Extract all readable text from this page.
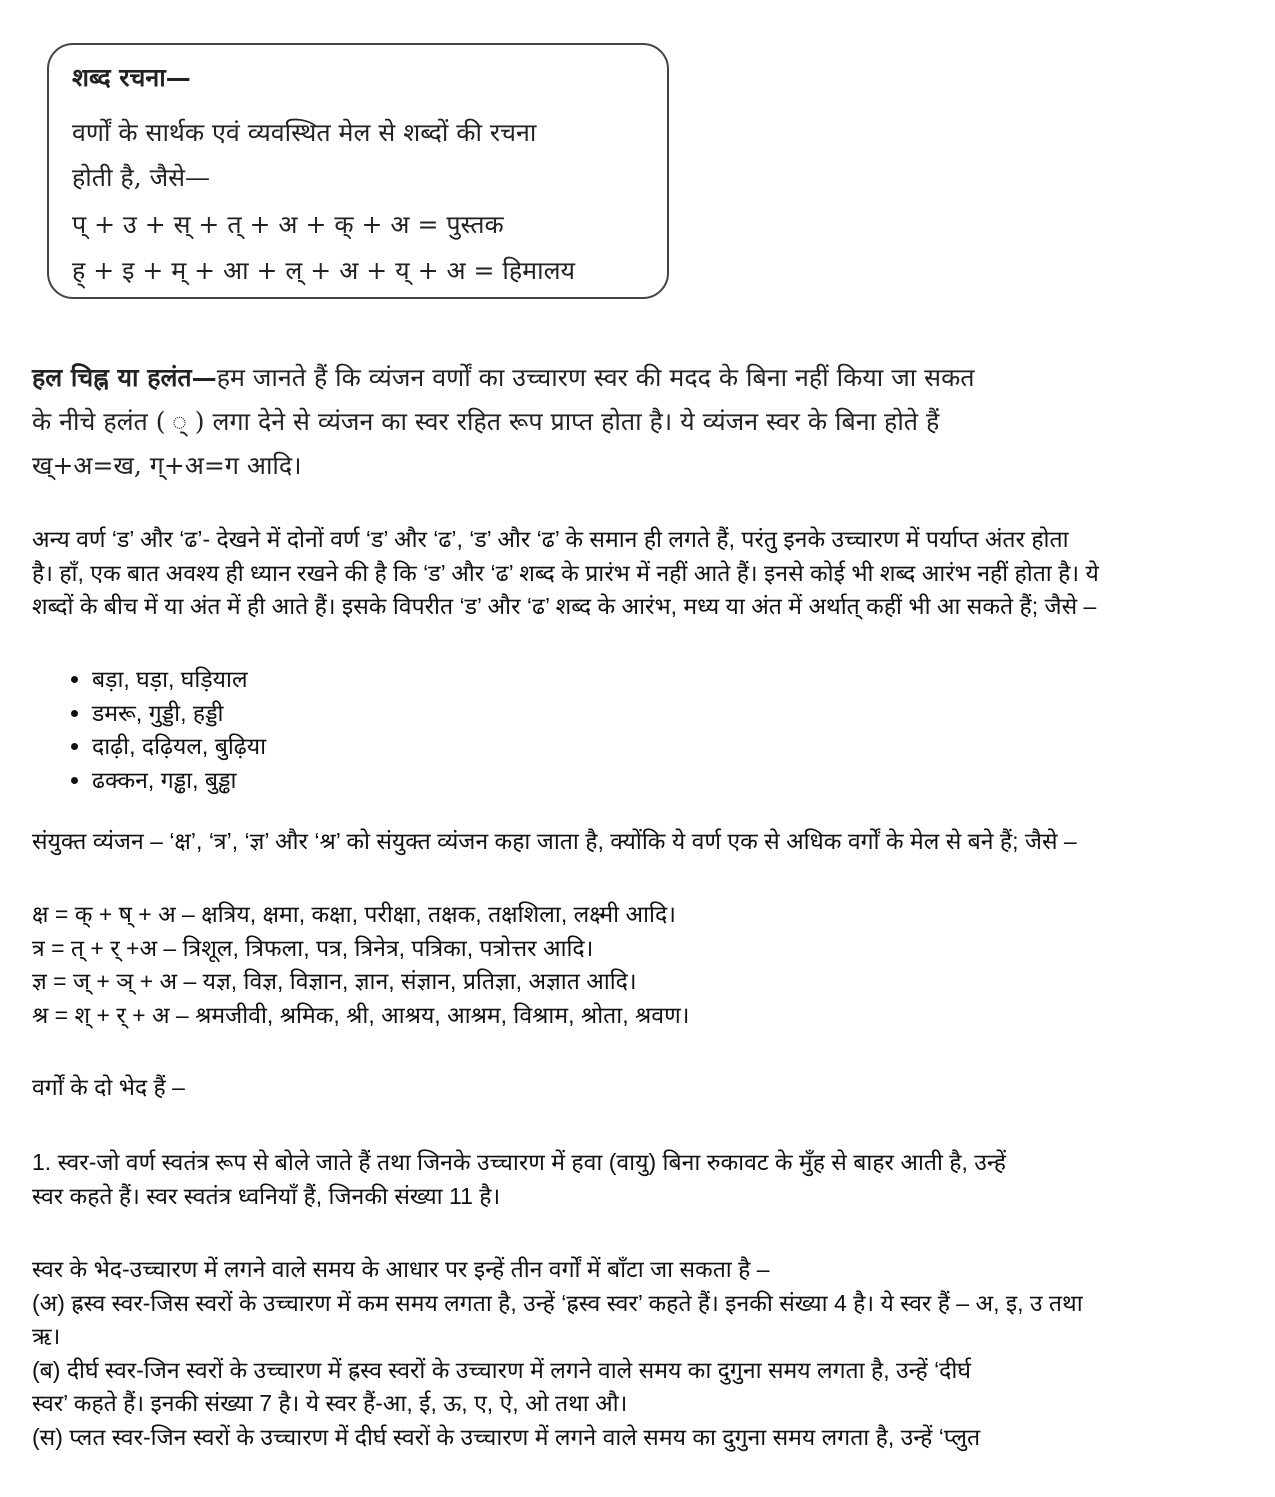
शब्द रचना—
वर्णों के सार्थक एवं व्यवस्थित मेल से शब्दों की रचना
होती है, जैसे—
प् + उ + स् + त् + अ + क् + अ = पुस्तक
ह् + इ + म् + आ + ल् + अ + य् + अ = हिमालय
हल चिह्न या हलंत—हम जानते हैं कि व्यंजन वर्णों का उच्चारण स्वर की मदद के बिना नहीं किया जा सकत
के नीचे हलंत ( ् ) लगा देने से व्यंजन का स्वर रहित रूप प्राप्त होता है। ये व्यंजन स्वर के बिना होते हैं
ख्+अ=ख, ग्+अ=ग आदि।
अन्य वर्ण ‘ड’ और ‘ढ’- देखने में दोनों वर्ण ‘ड’ और ‘ढ’, ‘ड’ और ‘ढ’ के समान ही लगते हैं, परंतु इनके उच्चारण में पर्याप्त अंतर होता
है। हाँ, एक बात अवश्य ही ध्यान रखने की है कि ‘ड’ और ‘ढ’ शब्द के प्रारंभ में नहीं आते हैं। इनसे कोई भी शब्द आरंभ नहीं होता है। ये
शब्दों के बीच में या अंत में ही आते हैं। इसके विपरीत ‘ड’ और ‘ढ’ शब्द के आरंभ, मध्य या अंत में अर्थात् कहीं भी आ सकते हैं; जैसे –
• बड़ा, घड़ा, घड़ियाल
• डमरू, गुड्डी, हड्डी
• दाढ़ी, दढ़ियल, बुढ़िया
• ढक्कन, गड्ढा, बुड्ढा
संयुक्त व्यंजन – ‘क्ष’, ‘त्र’, ‘ज्ञ’ और ‘श्र’ को संयुक्त व्यंजन कहा जाता है, क्योंकि ये वर्ण एक से अधिक वर्गों के मेल से बने हैं; जैसे –
क्ष = क् + ष् + अ – क्षत्रिय, क्षमा, कक्षा, परीक्षा, तक्षक, तक्षशिला, लक्ष्मी आदि।
त्र = त् + र् +अ – त्रिशूल, त्रिफला, पत्र, त्रिनेत्र, पत्रिका, पत्रोत्तर आदि।
ज्ञ = ज् + ञ् + अ – यज्ञ, विज्ञ, विज्ञान, ज्ञान, संज्ञान, प्रतिज्ञा, अज्ञात आदि।
श्र = श् + र् + अ – श्रमजीवी, श्रमिक, श्री, आश्रय, आश्रम, विश्राम, श्रोता, श्रवण।
वर्गों के दो भेद हैं –
1. स्वर-जो वर्ण स्वतंत्र रूप से बोले जाते हैं तथा जिनके उच्चारण में हवा (वायु) बिना रुकावट के मुँह से बाहर आती है, उन्हें
स्वर कहते हैं। स्वर स्वतंत्र ध्वनियाँ हैं, जिनकी संख्या 11 है।
स्वर के भेद-उच्चारण में लगने वाले समय के आधार पर इन्हें तीन वर्गों में बाँटा जा सकता है –
(अ) ह्रस्व स्वर-जिस स्वरों के उच्चारण में कम समय लगता है, उन्हें ‘ह्रस्व स्वर’ कहते हैं। इनकी संख्या 4 है। ये स्वर हैं – अ, इ, उ तथा
ऋ।
(ब) दीर्घ स्वर-जिन स्वरों के उच्चारण में ह्रस्व स्वरों के उच्चारण में लगने वाले समय का दुगुना समय लगता है, उन्हें ‘दीर्घ
स्वर’ कहते हैं। इनकी संख्या 7 है। ये स्वर हैं-आ, ई, ऊ, ए, ऐ, ओ तथा औ।
(स) प्लत स्वर-जिन स्वरों के उच्चारण में दीर्घ स्वरों के उच्चारण में लगने वाले समय का दुगुना समय लगता है, उन्हें ‘प्लुत
